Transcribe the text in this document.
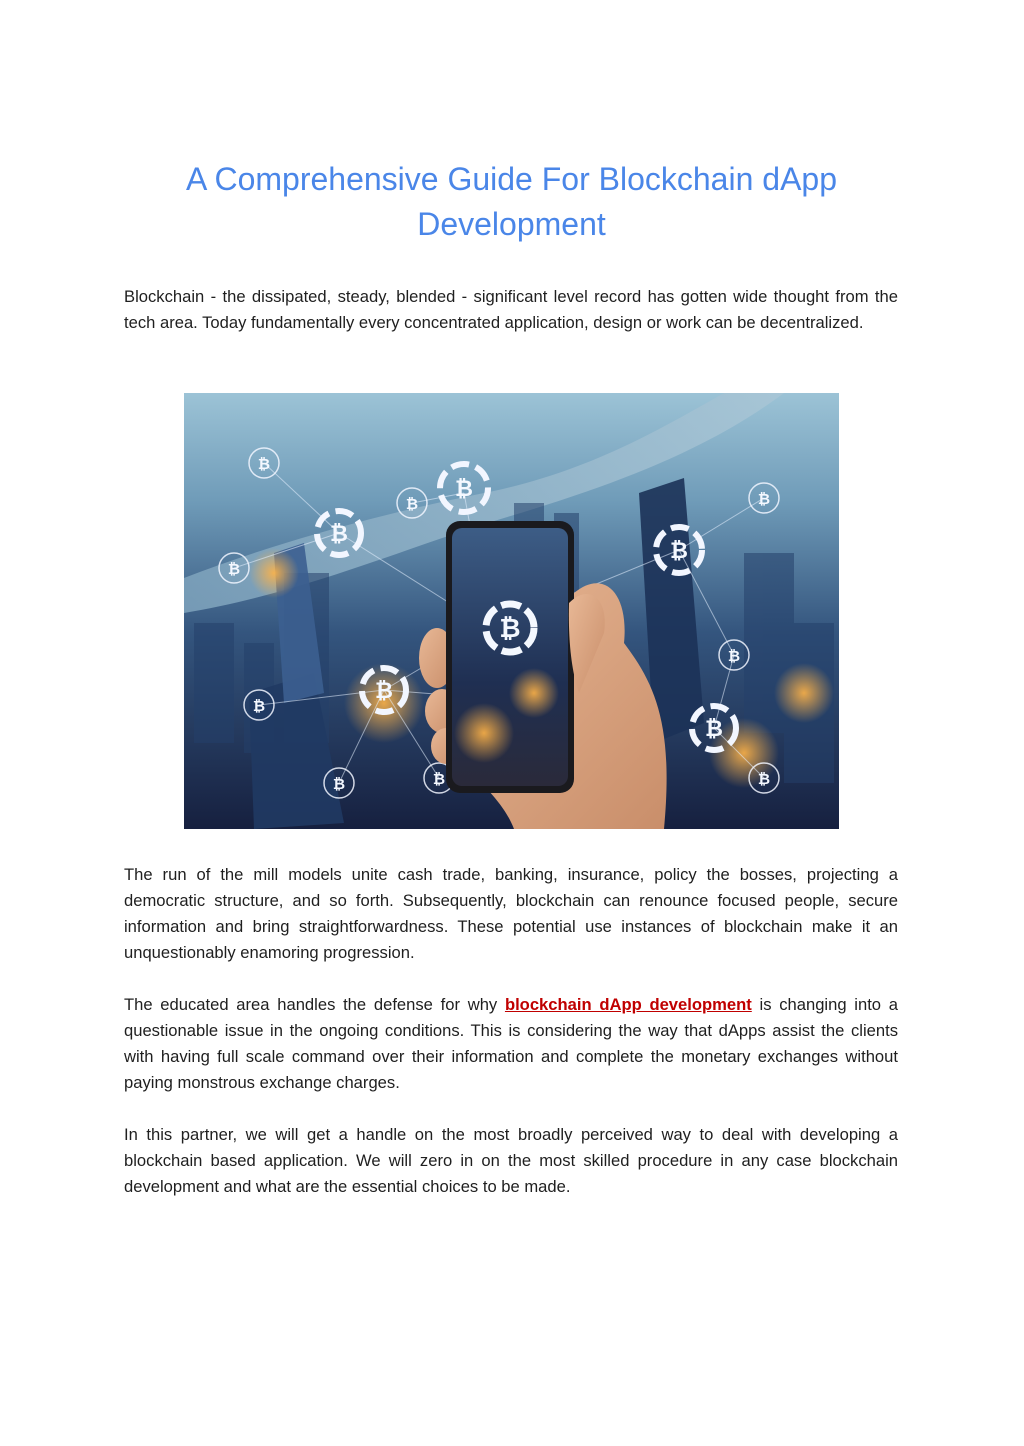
A Comprehensive Guide For Blockchain dApp Development

Blockchain - the dissipated, steady, blended - significant level record has gotten wide thought from the tech area. Today fundamentally every concentrated application, design or work can be decentralized.

₿
₿
₿
₿
₿
₿
₿	₿
₿
₿
₿	₿
₿
₿
₿

The run of the mill models unite cash trade, banking, insurance, policy the bosses, projecting a democratic structure, and so forth. Subsequently, blockchain can renounce focused people, secure information and bring straightforwardness. These potential use instances of blockchain make it an unquestionably enamoring progression.

The educated area handles the defense for why blockchain dApp development is changing into a questionable issue in the ongoing conditions. This is considering the way that dApps assist the clients with having full scale command over their information and complete the monetary exchanges without paying monstrous exchange charges.

In this partner, we will get a handle on the most broadly perceived way to deal with developing a blockchain based application. We will zero in on the most skilled procedure in any case blockchain development and what are the essential choices to be made.
